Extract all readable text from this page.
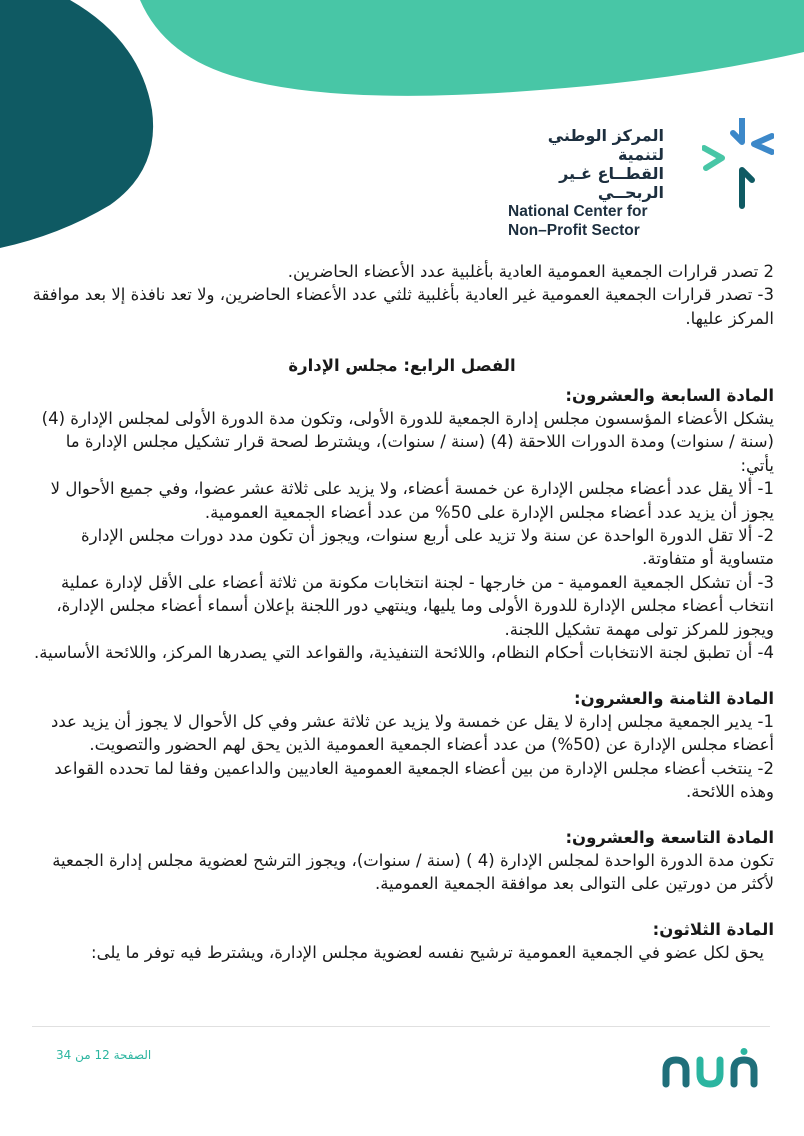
المركز الوطني لتنمية
القطــاع غـير الربحــي
National Center for
Non–Profit Sector

2 تصدر قرارات الجمعية العمومية العادية بأغلبية عدد الأعضاء الحاضرين.

3- تصدر قرارات الجمعية العمومية غير العادية بأغلبية ثلثي عدد الأعضاء الحاضرين، ولا تعد نافذة إلا بعد موافقة المركز عليها.

الفصل الرابع: مجلس الإدارة

المادة السابعة والعشرون:

يشكل الأعضاء المؤسسون مجلس إدارة الجمعية للدورة الأولى، وتكون مدة الدورة الأولى لمجلس الإدارة (4) (سنة / سنوات) ومدة الدورات اللاحقة (4) (سنة / سنوات)، ويشترط لصحة قرار تشكيل مجلس الإدارة ما يأتي:

1- ألا يقل عدد أعضاء مجلس الإدارة عن خمسة أعضاء، ولا يزيد على ثلاثة عشر عضوا، وفي جميع الأحوال لا يجوز أن يزيد عدد أعضاء مجلس الإدارة على 50% من عدد أعضاء الجمعية العمومية.

2- ألا تقل الدورة الواحدة عن سنة ولا تزيد على أربع سنوات، ويجوز أن تكون مدد دورات مجلس الإدارة متساوية أو متفاوتة.

3- أن تشكل الجمعية العمومية - من خارجها - لجنة انتخابات مكونة من ثلاثة أعضاء على الأقل لإدارة عملية انتخاب أعضاء مجلس الإدارة للدورة الأولى وما يليها، وينتهي دور اللجنة بإعلان أسماء أعضاء مجلس الإدارة، ويجوز للمركز تولى مهمة تشكيل اللجنة.

4- أن تطبق لجنة الانتخابات أحكام النظام، واللائحة التنفيذية، والقواعد التي يصدرها المركز، واللائحة الأساسية.

المادة الثامنة والعشرون:

1- يدير الجمعية مجلس إدارة لا يقل عن خمسة ولا يزيد عن ثلاثة عشر وفي كل الأحوال لا يجوز أن يزيد عدد أعضاء مجلس الإدارة عن (50%) من عدد أعضاء الجمعية العمومية الذين يحق لهم الحضور والتصويت.

2- ينتخب أعضاء مجلس الإدارة من بين أعضاء الجمعية العمومية العاديين والداعمين وفقا لما تحدده القواعد وهذه اللائحة.

المادة التاسعة والعشرون:

تكون مدة الدورة الواحدة لمجلس الإدارة (4 ) (سنة / سنوات)، ويجوز الترشح لعضوية مجلس إدارة الجمعية لأكثر من دورتين على التوالى بعد موافقة الجمعية العمومية.

المادة الثلاثون:

يحق لكل عضو في الجمعية العمومية ترشيح نفسه لعضوية مجلس الإدارة، ويشترط فيه توفر ما يلى:

الصفحة 12 من 34
